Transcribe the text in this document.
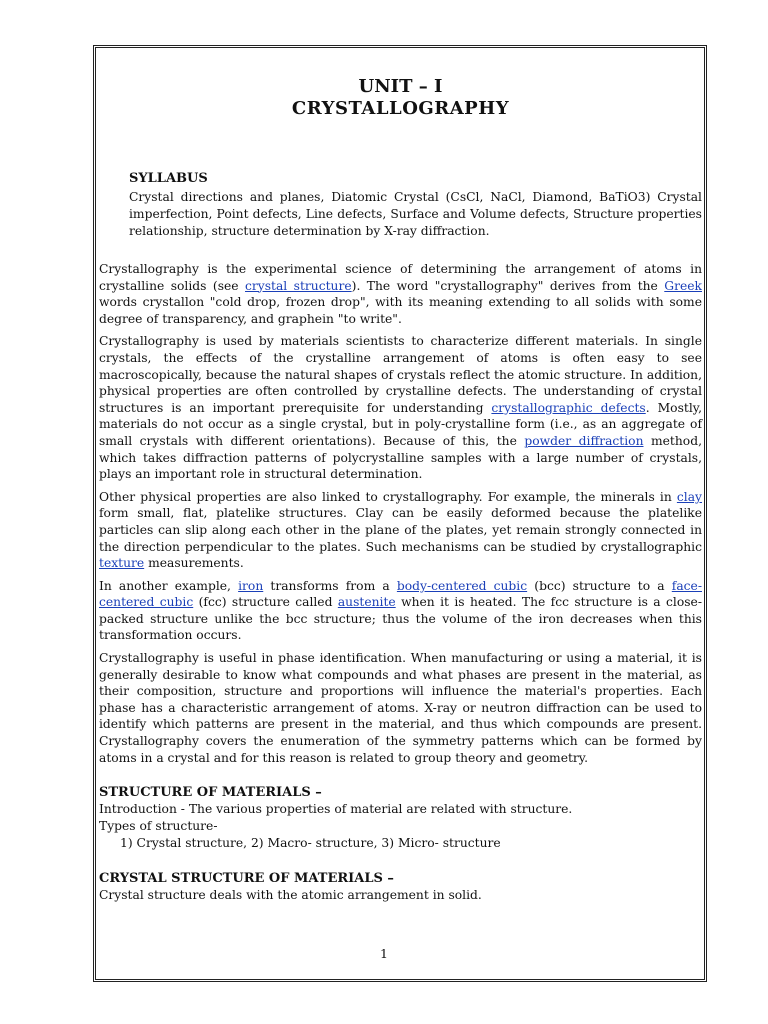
UNIT – I
CRYSTALLOGRAPHY

SYLLABUS

Crystal directions and planes, Diatomic Crystal (CsCl, NaCl, Diamond, BaTiO3) Crystal imperfection, Point defects, Line defects, Surface and Volume defects, Structure properties relationship, structure determination by X-ray diffraction.

Crystallography is the experimental science of determining the arrangement of atoms in crystalline solids (see crystal structure). The word "crystallography" derives from the Greek words crystallon "cold drop, frozen drop", with its meaning extending to all solids with some degree of transparency, and graphein "to write".

Crystallography is used by materials scientists to characterize different materials. In single crystals, the effects of the crystalline arrangement of atoms is often easy to see macroscopically, because the natural shapes of crystals reflect the atomic structure. In addition, physical properties are often controlled by crystalline defects. The understanding of crystal structures is an important prerequisite for understanding crystallographic defects. Mostly, materials do not occur as a single crystal, but in poly-crystalline form (i.e., as an aggregate of small crystals with different orientations). Because of this, the powder diffraction method, which takes diffraction patterns of polycrystalline samples with a large number of crystals, plays an important role in structural determination.

Other physical properties are also linked to crystallography. For example, the minerals in clay form small, flat, platelike structures. Clay can be easily deformed because the platelike particles can slip along each other in the plane of the plates, yet remain strongly connected in the direction perpendicular to the plates. Such mechanisms can be studied by crystallographic texture measurements.

In another example, iron transforms from a body-centered cubic (bcc) structure to a face-centered cubic (fcc) structure called austenite when it is heated. The fcc structure is a close-packed structure unlike the bcc structure; thus the volume of the iron decreases when this transformation occurs.

Crystallography is useful in phase identification. When manufacturing or using a material, it is generally desirable to know what compounds and what phases are present in the material, as their composition, structure and proportions will influence the material's properties. Each phase has a characteristic arrangement of atoms. X-ray or neutron diffraction can be used to identify which patterns are present in the material, and thus which compounds are present. Crystallography covers the enumeration of the symmetry patterns which can be formed by atoms in a crystal and for this reason is related to group theory and geometry.

STRUCTURE OF MATERIALS –

Introduction - The various properties of material are related with structure.

Types of structure-

1) Crystal structure, 2) Macro- structure, 3) Micro- structure

CRYSTAL STRUCTURE OF MATERIALS –

Crystal structure deals with the atomic arrangement in solid.

1
